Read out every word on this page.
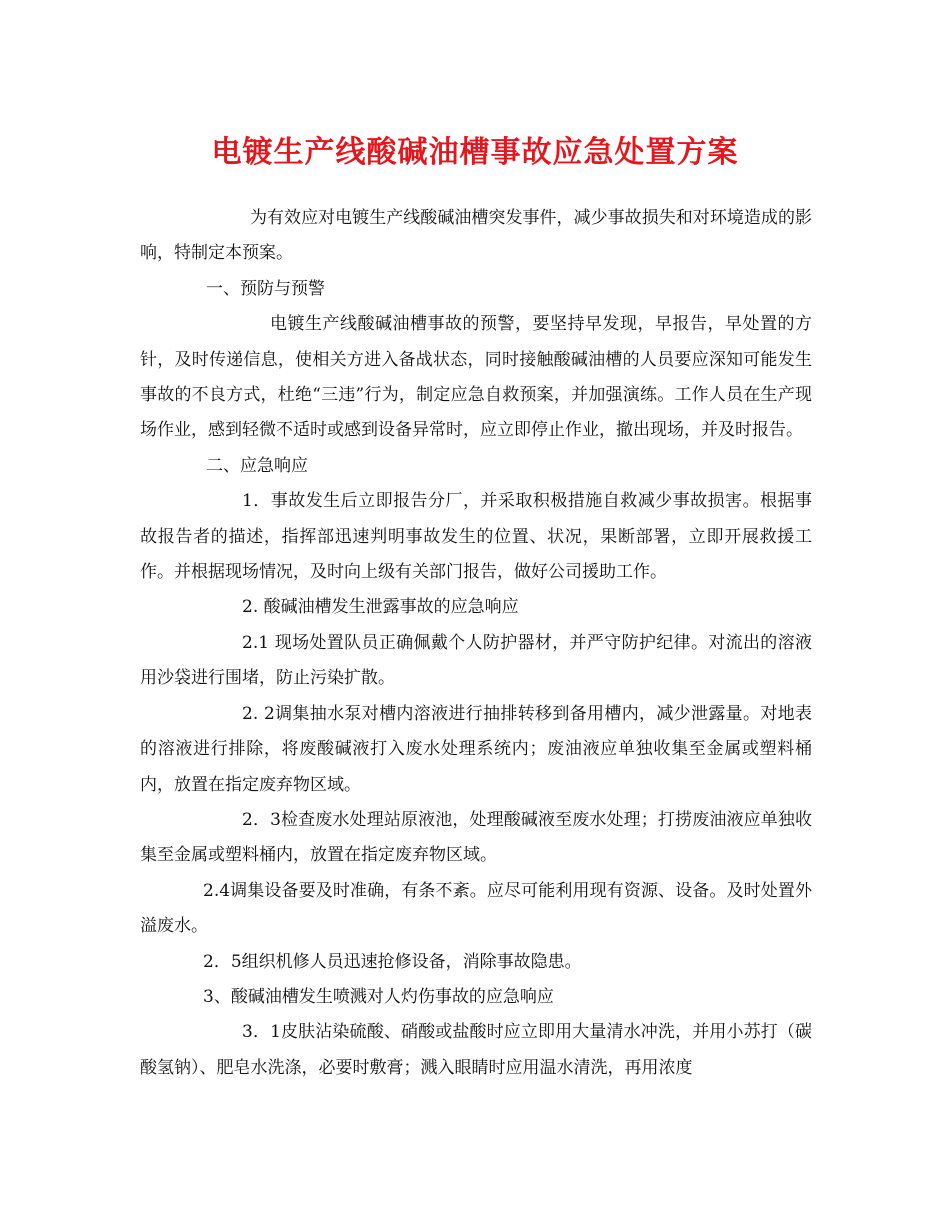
电镀生产线酸碱油槽事故应急处置方案

为有效应对电镀生产线酸碱油槽突发事件，减少事故损失和对环境造成的影响，特制定本预案。

一、预防与预警

电镀生产线酸碱油槽事故的预警，要坚持早发现，早报告，早处置的方针，及时传递信息，使相关方进入备战状态，同时接触酸碱油槽的人员要应深知可能发生事故的不良方式，杜绝“三违”行为，制定应急自救预案，并加强演练。工作人员在生产现场作业，感到轻微不适时或感到设备异常时，应立即停止作业，撤出现场，并及时报告。

二、应急响应

1．事故发生后立即报告分厂，并采取积极措施自救减少事故损害。根据事故报告者的描述，指挥部迅速判明事故发生的位置、状况，果断部署，立即开展救援工作。并根据现场情况，及时向上级有关部门报告，做好公司援助工作。

2. 酸碱油槽发生泄露事故的应急响应

2.1 现场处置队员正确佩戴个人防护器材，并严守防护纪律。对流出的溶液用沙袋进行围堵，防止污染扩散。

2. 2调集抽水泵对槽内溶液进行抽排转移到备用槽内，减少泄露量。对地表的溶液进行排除，将废酸碱液打入废水处理系统内；废油液应单独收集至金属或塑料桶内，放置在指定废弃物区域。

2．3检查废水处理站原液池，处理酸碱液至废水处理；打捞废油液应单独收集至金属或塑料桶内，放置在指定废弃物区域。

2.4调集设备要及时准确，有条不紊。应尽可能利用现有资源、设备。及时处置外溢废水。

2．5组织机修人员迅速抢修设备，消除事故隐患。

3、酸碱油槽发生喷溅对人灼伤事故的应急响应

3．1皮肤沾染硫酸、硝酸或盐酸时应立即用大量清水冲洗，并用小苏打（碳酸氢钠）、肥皂水洗涤，必要时敷膏；溅入眼睛时应用温水清洗，再用浓度
